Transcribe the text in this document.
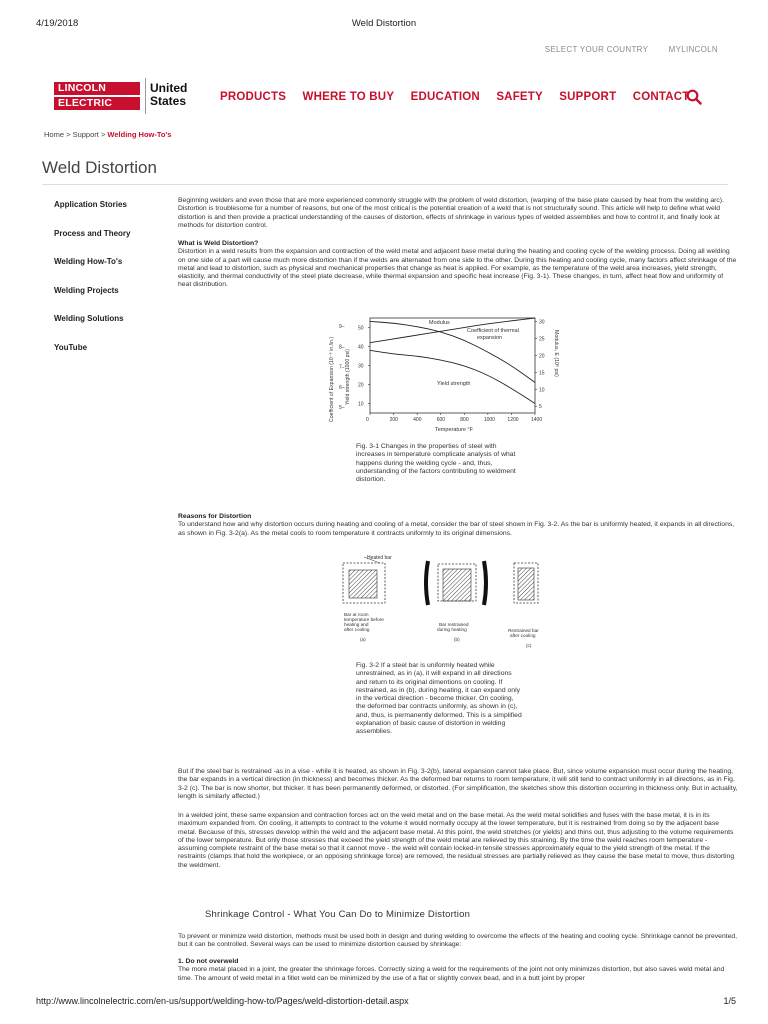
4/19/2018	Weld Distortion
SELECT YOUR COUNTRY	MYLINCOLN
LINCOLN
ELECTRIC
United
States	PRODUCTS WHERE TO BUY EDUCATION SAFETY SUPPORT CONTACT
Home > Support > Welding How-To's
Weld Distortion
Application Stories
Process and Theory
Welding How-To's
Welding Projects
Welding Solutions
YouTube

Beginning welders and even those that are more experienced commonly struggle with the problem of weld distortion, (warping of the base plate caused by heat from the welding arc). Distortion is troublesome for a number of reasons, but one of the most critical is the potential creation of a weld that is not structurally sound. This article will help to define what weld distortion is and then provide a practical understanding of the causes of distortion, effects of shrinkage in various types of welded assemblies and how to control it, and finally look at methods for distortion control.

What is Weld Distortion?

Distortion in a weld results from the expansion and contraction of the weld metal and adjacent base metal during the heating and cooling cycle of the welding process. Doing all welding on one side of a part will cause much more distortion than if the welds are alternated from one side to the other. During this heating and cooling cycle, many factors affect shrinkage of the metal and lead to distortion, such as physical and mechanical properties that change as heat is applied. For example, as the temperature of the weld area increases, yield strength, elasticity, and thermal conductivity of the steel plate decrease, while thermal expansion and specific heat increase (Fig. 3-1). These changes, in turn, affect heat flow and uniformity of heat distribution.

5–
6–
7–
8–
9–
10
20
30
40
50
5
10
15
20
25
30
0	200	400	600	800	1000 1200 1400
Coefficient of Expansion (10⁻⁶ in./in.) Yield strength (1000 psi)	Modulus, E (10⁶ psi)
Temperature °F
Modulus
Coefficient of thermal
expansion
Yield strength
Fig. 3-1 Changes in the properties of steel with increases in temperature complicate analysis of what happens during the welding cycle - and, thus, understanding of the factors contributing to weldment distortion.

Reasons for Distortion

To understand how and why distortion occurs during heating and cooling of a metal, consider the bar of steel shown in Fig. 3-2. As the bar is uniformly heated, it expands in all directions, as shown in Fig. 3-2(a). As the metal cools to room temperature it contracts uniformly to its original dimensions.

Heated bar
Bar at room
temperature before
heating and
after cooling
(a)
Bar restrained
during heating
(b)
Restrained bar
after cooling
(c)
Fig. 3-2 If a steel bar is uniformly heated while unrestrained, as in (a), it will expand in all directions and return to its original dimentions on cooling. If restrained, as in (b), during heating, it can expand only in the vertical direction - become thicker. On cooling, the deformed bar contracts uniformly, as shown in (c), and, thus, is permanently deformed. This is a simplified explanation of basic cause of distortion in welding assemblies.

But if the steel bar is restrained -as in a vise - while it is heated, as shown in Fig. 3-2(b), lateral expansion cannot take place. But, since volume expansion must occur during the heating, the bar expands in a vertical direction (in thickness) and becomes thicker. As the deformed bar returns to room temperature, it will still tend to contract uniformly in all directions, as in Fig. 3-2 (c). The bar is now shorter, but thicker. It has been permanently deformed, or distorted. (For simplification, the sketches show this distortion occurring in thickness only. But in actuality, length is similarly affected.)

In a welded joint, these same expansion and contraction forces act on the weld metal and on the base metal. As the weld metal solidifies and fuses with the base metal, it is in its maximum expanded from. On cooling, it attempts to contract to the volume it would normally occupy at the lower temperature, but it is restrained from doing so by the adjacent base metal. Because of this, stresses develop within the weld and the adjacent base metal. At this point, the weld stretches (or yields) and thins out, thus adjusting to the volume requirements of the lower temperature. But only those stresses that exceed the yield strength of the weld metal are relieved by this straining. By the time the weld reaches room temperature - assuming complete restraint of the base metal so that it cannot move - the weld will contain locked-in tensile stresses approximately equal to the yield strength of the metal. If the restraints (clamps that hold the workpiece, or an opposing shrinkage force) are removed, the residual stresses are partially relieved as they cause the base metal to move, thus distorting the weldment.

Shrinkage Control - What You Can Do to Minimize Distortion

To prevent or minimize weld distortion, methods must be used both in design and during welding to overcome the effects of the heating and cooling cycle. Shrinkage cannot be prevented, but it can be controlled. Several ways can be used to minimize distortion caused by shrinkage:

1. Do not overweld

The more metal placed in a joint, the greater the shrinkage forces. Correctly sizing a weld for the requirements of the joint not only minimizes distortion, but also saves weld metal and time. The amount of weld metal in a fillet weld can be minimized by the use of a flat or slightly convex bead, and in a butt joint by proper

http://www.lincolnelectric.com/en-us/support/welding-how-to/Pages/weld-distortion-detail.aspx	1/5
